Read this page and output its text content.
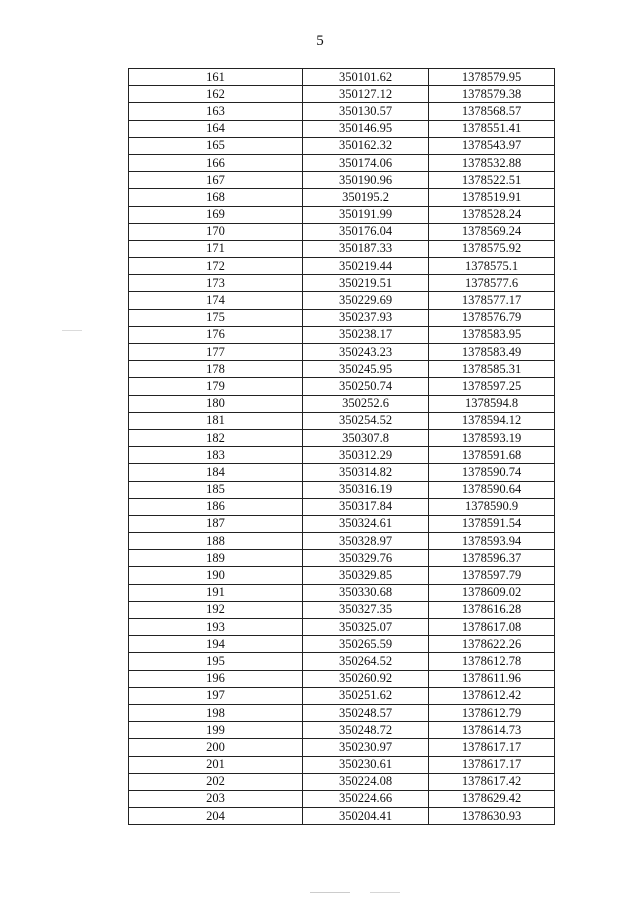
5
161	350101.62	1378579.95
162	350127.12	1378579.38
163	350130.57	1378568.57
164	350146.95	1378551.41
165	350162.32	1378543.97
166	350174.06	1378532.88
167	350190.96	1378522.51
168	350195.2	1378519.91
169	350191.99	1378528.24
170	350176.04	1378569.24
171	350187.33	1378575.92
172	350219.44	1378575.1
173	350219.51	1378577.6
174	350229.69	1378577.17
175	350237.93	1378576.79
176	350238.17	1378583.95
177	350243.23	1378583.49
178	350245.95	1378585.31
179	350250.74	1378597.25
180	350252.6	1378594.8
181	350254.52	1378594.12
182	350307.8	1378593.19
183	350312.29	1378591.68
184	350314.82	1378590.74
185	350316.19	1378590.64
186	350317.84	1378590.9
187	350324.61	1378591.54
188	350328.97	1378593.94
189	350329.76	1378596.37
190	350329.85	1378597.79
191	350330.68	1378609.02
192	350327.35	1378616.28
193	350325.07	1378617.08
194	350265.59	1378622.26
195	350264.52	1378612.78
196	350260.92	1378611.96
197	350251.62	1378612.42
198	350248.57	1378612.79
199	350248.72	1378614.73
200	350230.97	1378617.17
201	350230.61	1378617.17
202	350224.08	1378617.42
203	350224.66	1378629.42
204	350204.41	1378630.93
